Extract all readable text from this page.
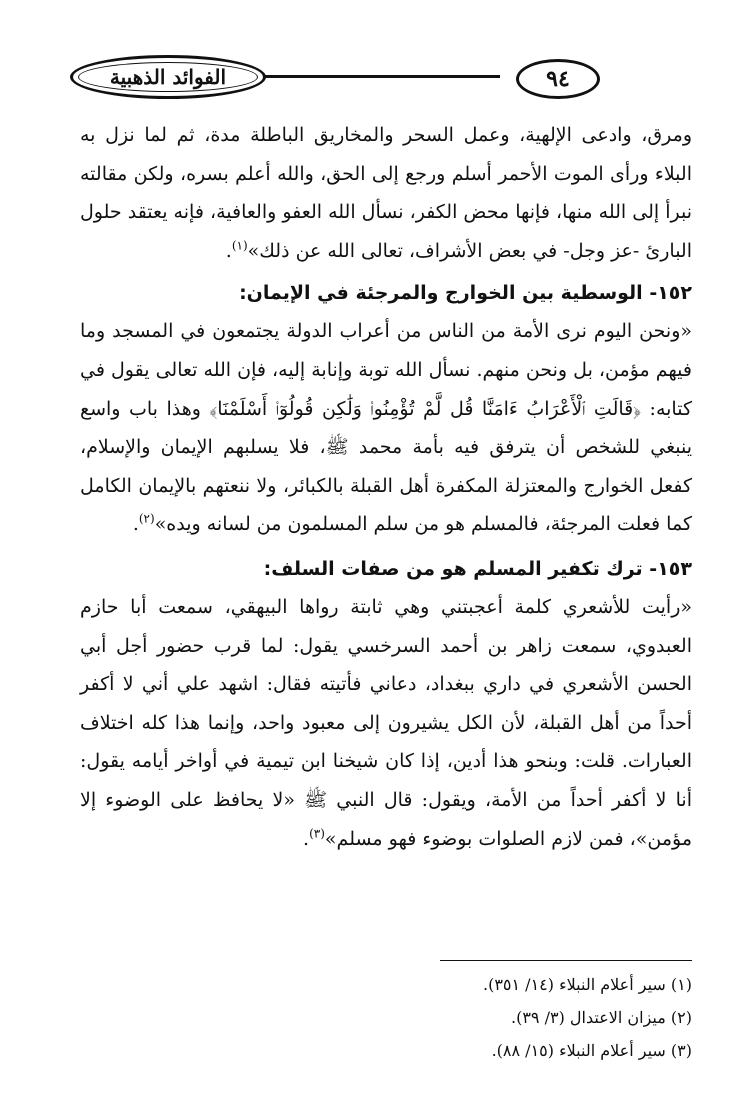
الفوائد الذهبية	٩٤

ومرق، وادعى الإلهية، وعمل السحر والمخاريق الباطلة مدة، ثم لما نزل به البلاء ورأى الموت الأحمر أسلم ورجع إلى الحق، والله أعلم بسره، ولكن مقالته نبرأ إلى الله منها، فإنها محض الكفر، نسأل الله العفو والعافية، فإنه يعتقد حلول البارئ -عز وجل- في بعض الأشراف، تعالى الله عن ذلك»$^{(١)}$.

١٥٢- الوسطية بين الخوارج والمرجئة في الإيمان:

«ونحن اليوم نرى الأمة من الناس من أعراب الدولة يجتمعون في المسجد وما فيهم مؤمن، بل ونحن منهم. نسأل الله توبة وإنابة إليه، فإن الله تعالى يقول في كتابه: ﴿قَالَتِ ٱلْأَعْرَابُ ءَامَنَّا قُل لَّمْ تُؤْمِنُوا۟ وَلَٰكِن قُولُوٓا۟ أَسْلَمْنَا﴾ وهذا باب واسع ينبغي للشخص أن يترفق فيه بأمة محمد ﷺ، فلا يسلبهم الإيمان والإسلام، كفعل الخوارج والمعتزلة المكفرة أهل القبلة بالكبائر، ولا ننعتهم بالإيمان الكامل كما فعلت المرجئة، فالمسلم هو من سلم المسلمون من لسانه ويده»$^{(٢)}$.

١٥٣- ترك تكفير المسلم هو من صفات السلف:

«رأيت للأشعري كلمة أعجبتني وهي ثابتة رواها البيهقي، سمعت أبا حازم العبدوي، سمعت زاهر بن أحمد السرخسي يقول: لما قرب حضور أجل أبي الحسن الأشعري في داري ببغداد، دعاني فأتيته فقال: اشهد علي أني لا أكفر أحداً من أهل القبلة، لأن الكل يشيرون إلى معبود واحد، وإنما هذا كله اختلاف العبارات. قلت: وبنحو هذا أدين، إذا كان شيخنا ابن تيمية في أواخر أيامه يقول: أنا لا أكفر أحداً من الأمة، ويقول: قال النبي ﷺ «لا يحافظ على الوضوء إلا مؤمن»، فمن لازم الصلوات بوضوء فهو مسلم»$^{(٣)}$.

(١) سير أعلام النبلاء (١٤/ ٣٥١).

(٢) ميزان الاعتدال (٣/ ٣٩).

(٣) سير أعلام النبلاء (١٥/ ٨٨).
